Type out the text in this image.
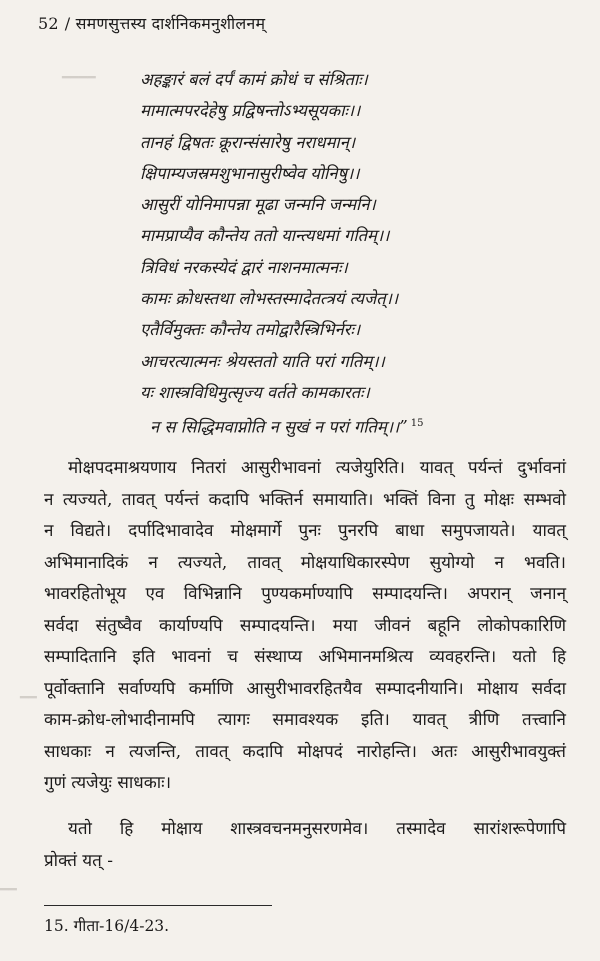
━━━━
━━
━━
52 / समणसुत्तस्य दार्शनिकमनुशीलनम्
अहङ्कारं बलं दर्पं कामं क्रोधं च संश्रिताः।
मामात्मपरदेहेषु प्रद्विषन्तोऽभ्यसूयकाः।।
तानहं द्विषतः क्रूरान्संसारेषु नराधमान्।
क्षिपाम्यजस्रमशुभानासुरीष्वेव योनिषु।।
आसुरीं योनिमापन्ना मूढा जन्मनि जन्मनि।
मामप्राप्यैव कौन्तेय ततो यान्त्यधमां गतिम्।।
त्रिविधं नरकस्येदं द्वारं नाशनमात्मनः।
कामः क्रोधस्तथा लोभस्तस्मादेतत्त्रयं त्यजेत्।।
एतैर्विमुक्तः कौन्तेय तमोद्वारैस्त्रिभिर्नरः।
आचरत्यात्मनः श्रेयस्ततो याति परां गतिम्।।
यः शास्त्रविधिमुत्सृज्य वर्तते कामकारतः।
न स सिद्धिमवाप्नोति न सुखं न परां गतिम्।।” $^{15}$
मोक्षपदमाश्रयणाय नितरां आसुरीभावनां त्यजेयुरिति। यावत् पर्यन्तं दुर्भावनां
न त्यज्यते, तावत् पर्यन्तं कदापि भक्तिर्न समायाति। भक्तिं विना तु मोक्षः सम्भवो
न विद्यते। दर्पादिभावादेव मोक्षमार्गे पुनः पुनरपि बाधा समुपजायते। यावत्
अभिमानादिकं न त्यज्यते, तावत् मोक्षयाधिकारस्पेण सुयोग्यो न भवति।
भावरहितोभूय एव विभिन्नानि पुण्यकर्माण्यापि सम्पादयन्ति। अपरान् जनान्
सर्वदा संतुष्वैव कार्याण्यपि सम्पादयन्ति। मया जीवनं बहूनि लोकोपकारिणि
सम्पादितानि इति भावनां च संस्थाप्य अभिमानमश्रित्य व्यवहरन्ति। यतो हि
पूर्वोक्तानि सर्वाण्यपि कर्माणि आसुरीभावरहितयैव सम्पादनीयानि। मोक्षाय सर्वदा
काम-क्रोध-लोभादीनामपि त्यागः समावश्यक इति। यावत् त्रीणि तत्त्वानि
साधकाः न त्यजन्ति, तावत् कदापि मोक्षपदं नारोहन्ति। अतः आसुरीभावयुक्तं
गुणं त्यजेयुः साधकाः।
यतो हि मोक्षाय शास्त्रवचनमनुसरणमेव। तस्मादेव सारांशरूपेणापि
प्रोक्तं यत् -
15. गीता-16/4-23.
